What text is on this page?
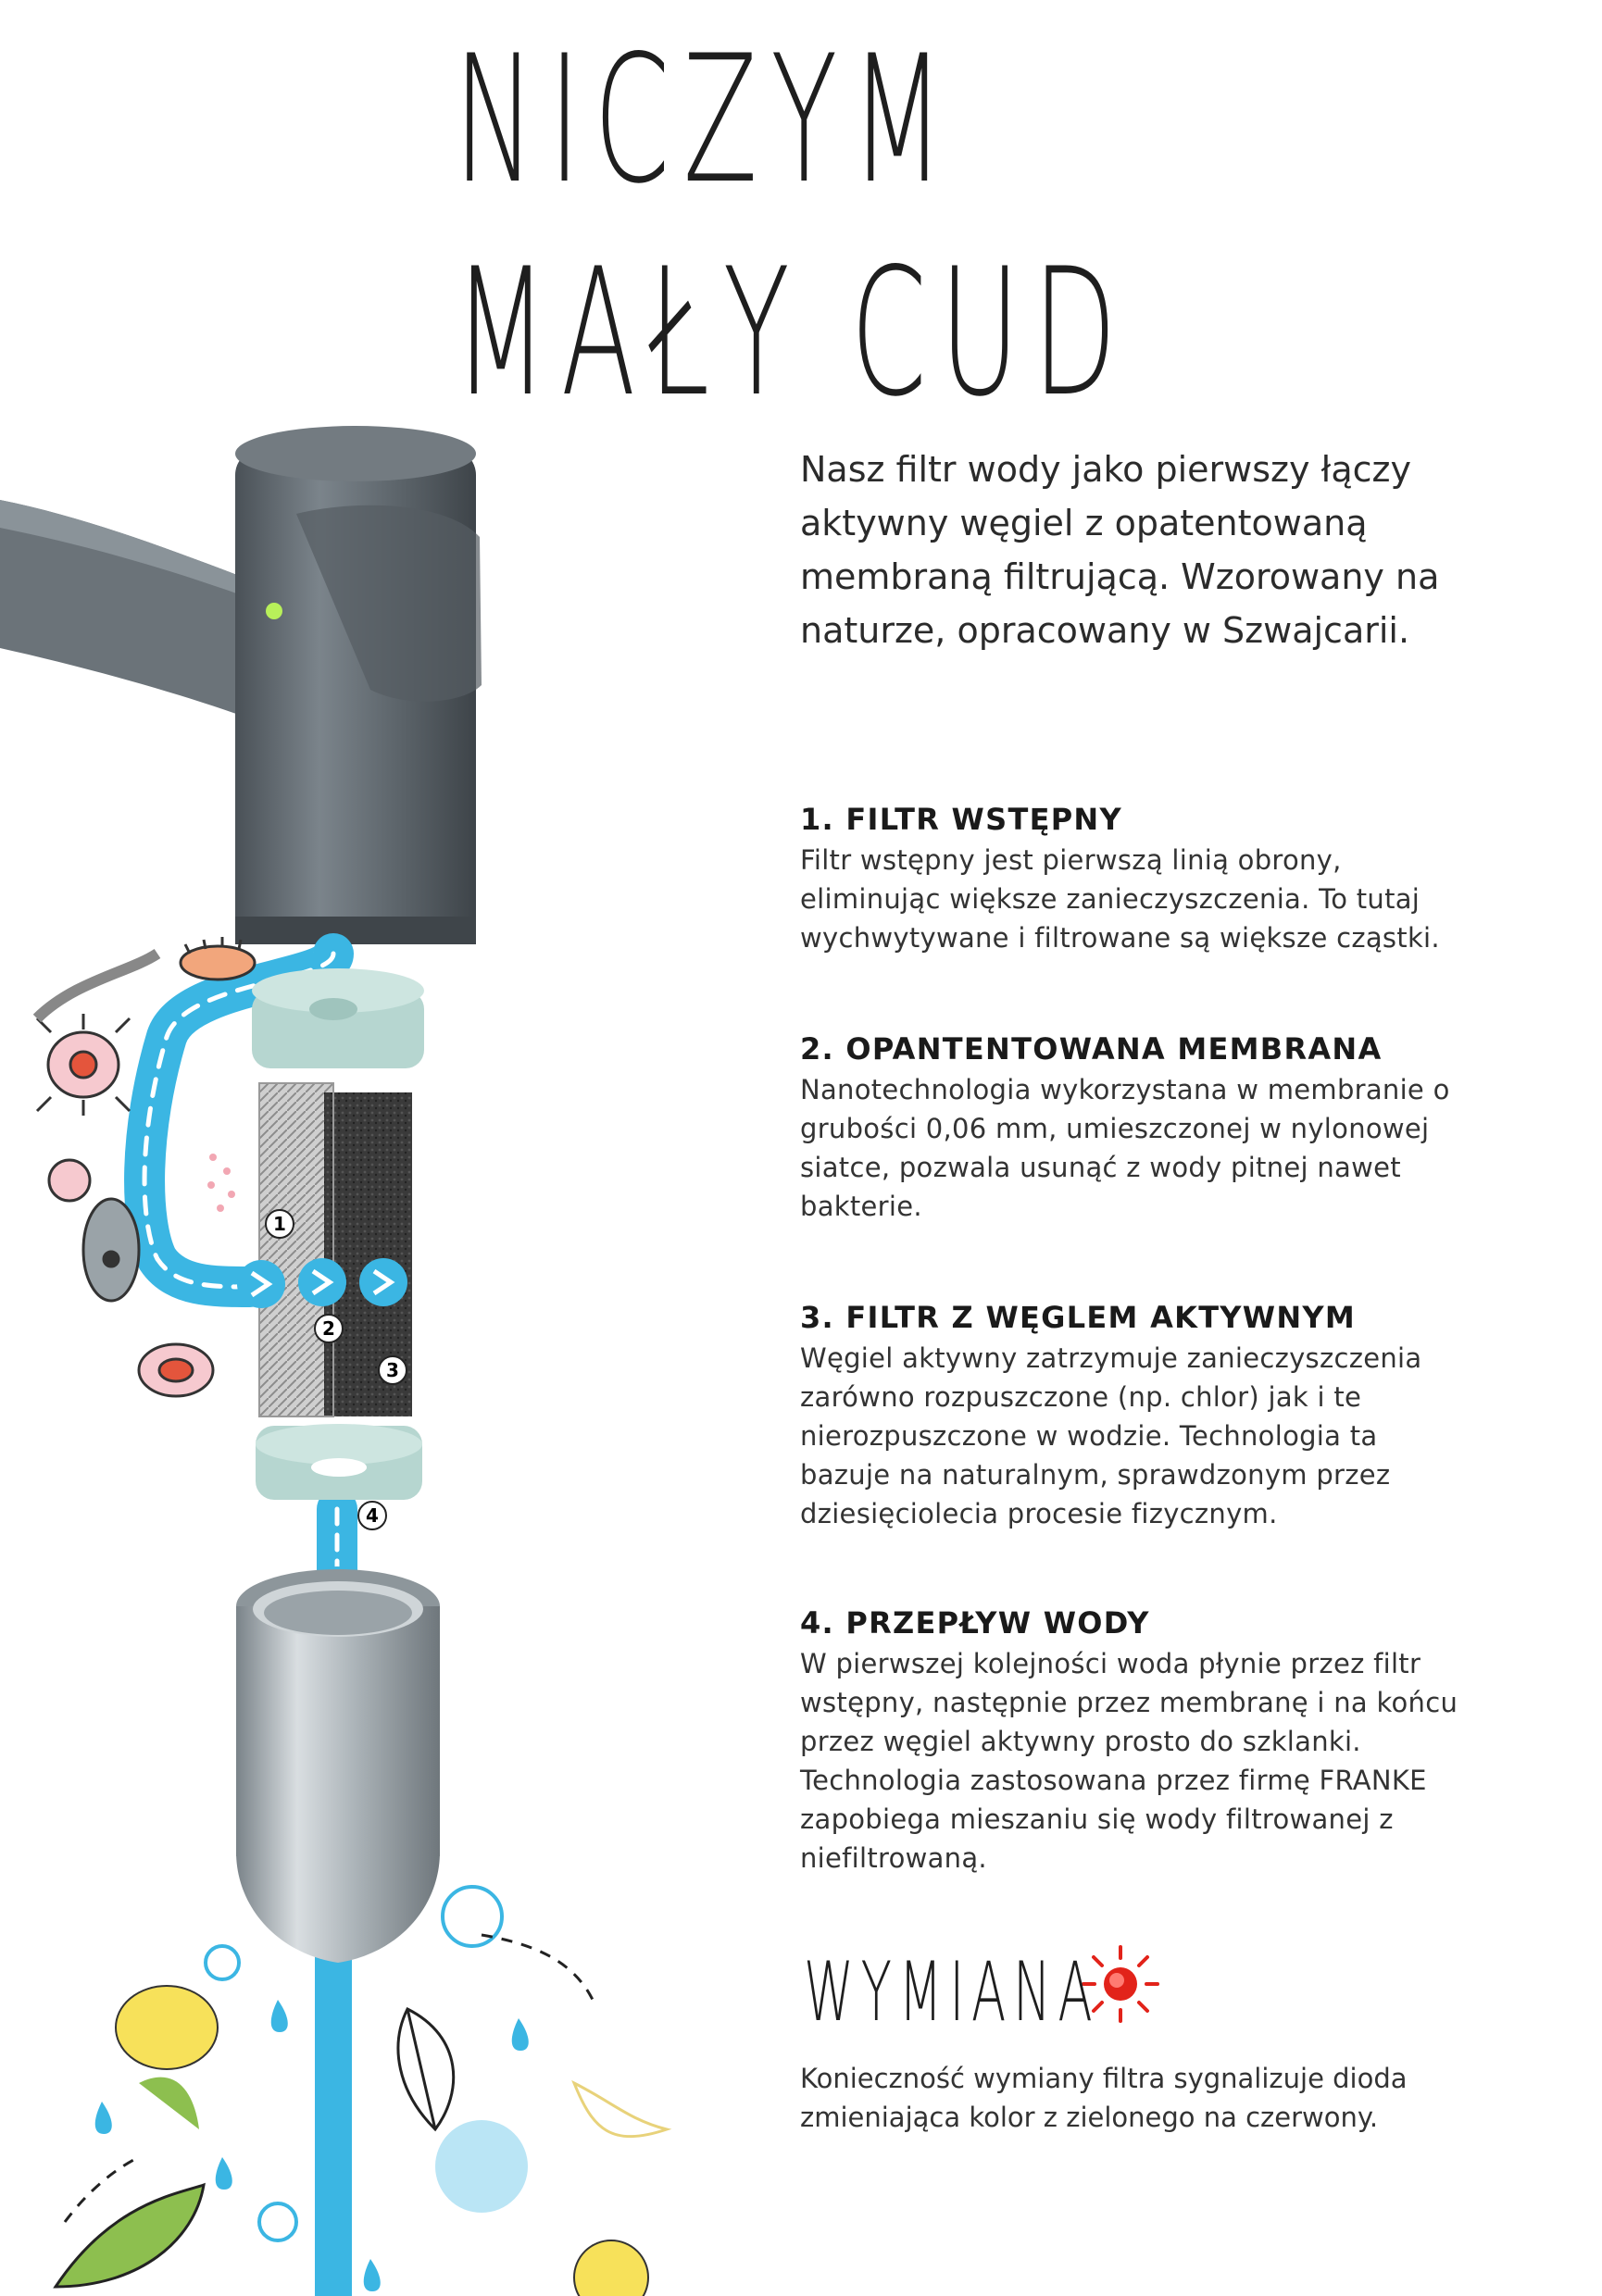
1
2
3
4
NICZYM
MAŁY CUD
Nasz filtr wody jako pierwszy łączy aktywny węgiel z opatentowaną membraną filtrującą. Wzorowany na naturze, opracowany w Szwajcarii.
1. FILTR WSTĘPNY

Filtr wstępny jest pierwszą linią obrony, eliminując większe zanieczyszczenia. To tutaj wychwytywane i filtrowane są większe cząstki.

2. OPANTENTOWANA MEMBRANA

Nanotechnologia wykorzystana w membranie o grubości 0,06 mm, umieszczonej w nylonowej siatce, pozwala usunąć z wody pitnej nawet bakterie.

3. FILTR Z WĘGLEM AKTYWNYM

Węgiel aktywny zatrzymuje zanieczyszczenia zarówno rozpuszczone (np. chlor) jak i te nierozpuszczone w wodzie. Technologia ta bazuje na naturalnym, sprawdzonym przez dziesięciolecia procesie fizycznym.

4. PRZEPŁYW WODY

W pierwszej kolejności woda płynie przez filtr wstępny, następnie przez membranę i na końcu przez węgiel aktywny prosto do szklanki. Technologia zastosowana przez firmę FRANKE zapobiega mieszaniu się wody filtrowanej z niefiltrowaną.

WYMIANA
Konieczność wymiany filtra sygnalizuje dioda zmieniająca kolor z zielonego na czerwony.
